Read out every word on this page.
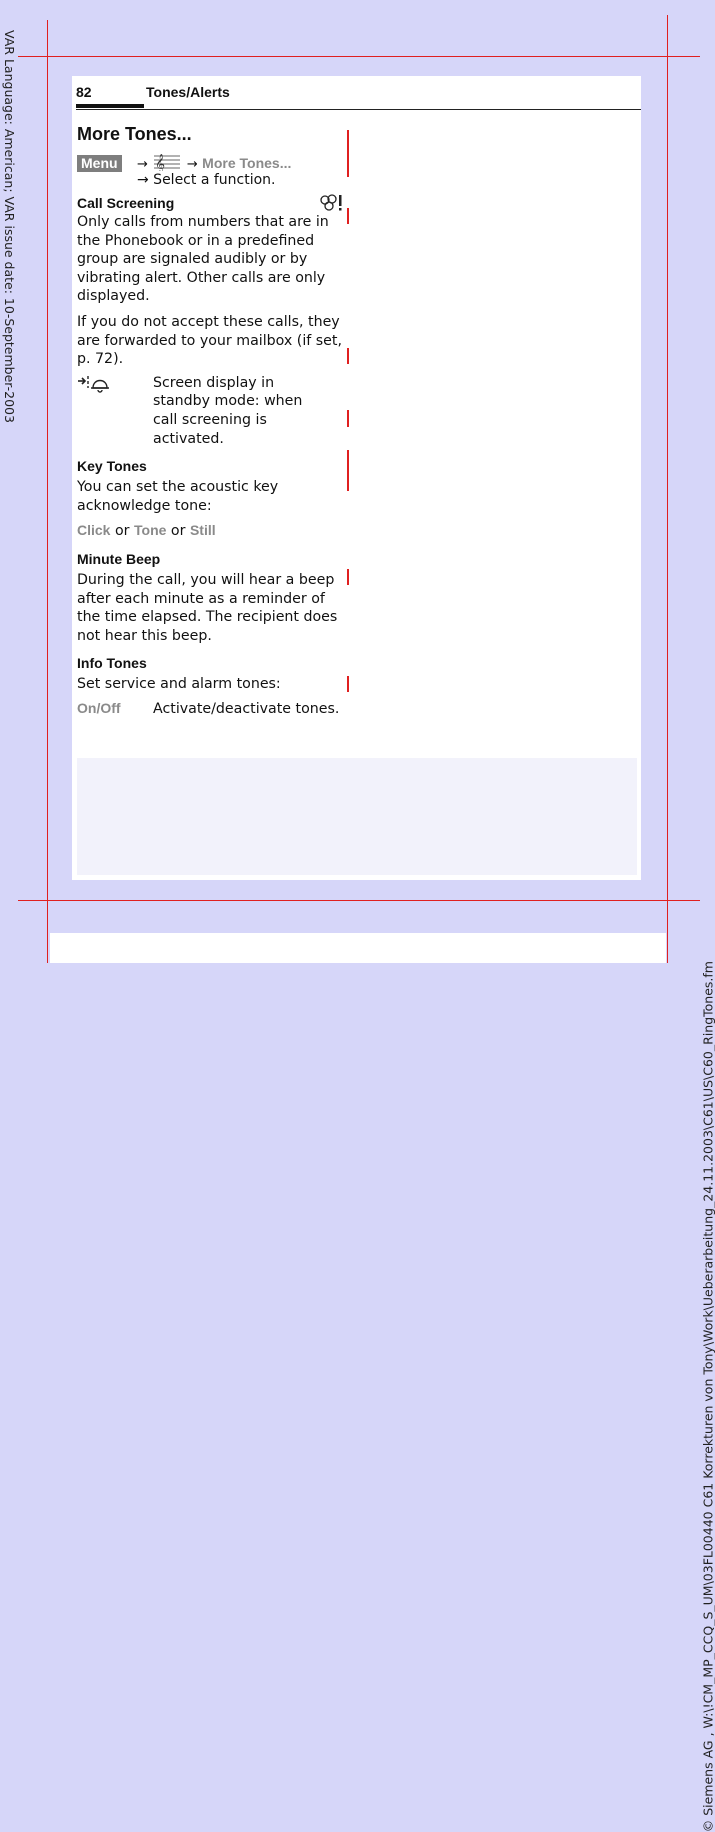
VAR Language: American; VAR issue date: 10-September-2003
© Siemens AG , W:\!CM_MP_CCQ_S_UM\03FL00440 C61 Korrekturen von Tony\Work\Ueberarbeitung_24.11.2003\C61\US\C60_RingTones.fm
82	Tones/Alerts
More Tones...
Menu → 𝄞 → More Tones...
→ Select a function.
Call Screening

Only calls from numbers that are in the Phonebook or in a predefined group are signaled audibly or by vibrating alert. Other calls are only displayed.

If you do not accept these calls, they are forwarded to your mailbox (if set, p. 72).

Screen display in standby mode: when call screening is activated.
Key Tones

You can set the acoustic key acknowledge tone:

Click or Tone or Still

Minute Beep

During the call, you will hear a beep after each minute as a reminder of the time elapsed. The recipient does not hear this beep.

Info Tones

Set service and alarm tones:

On/Off	Activate/deactivate tones.
